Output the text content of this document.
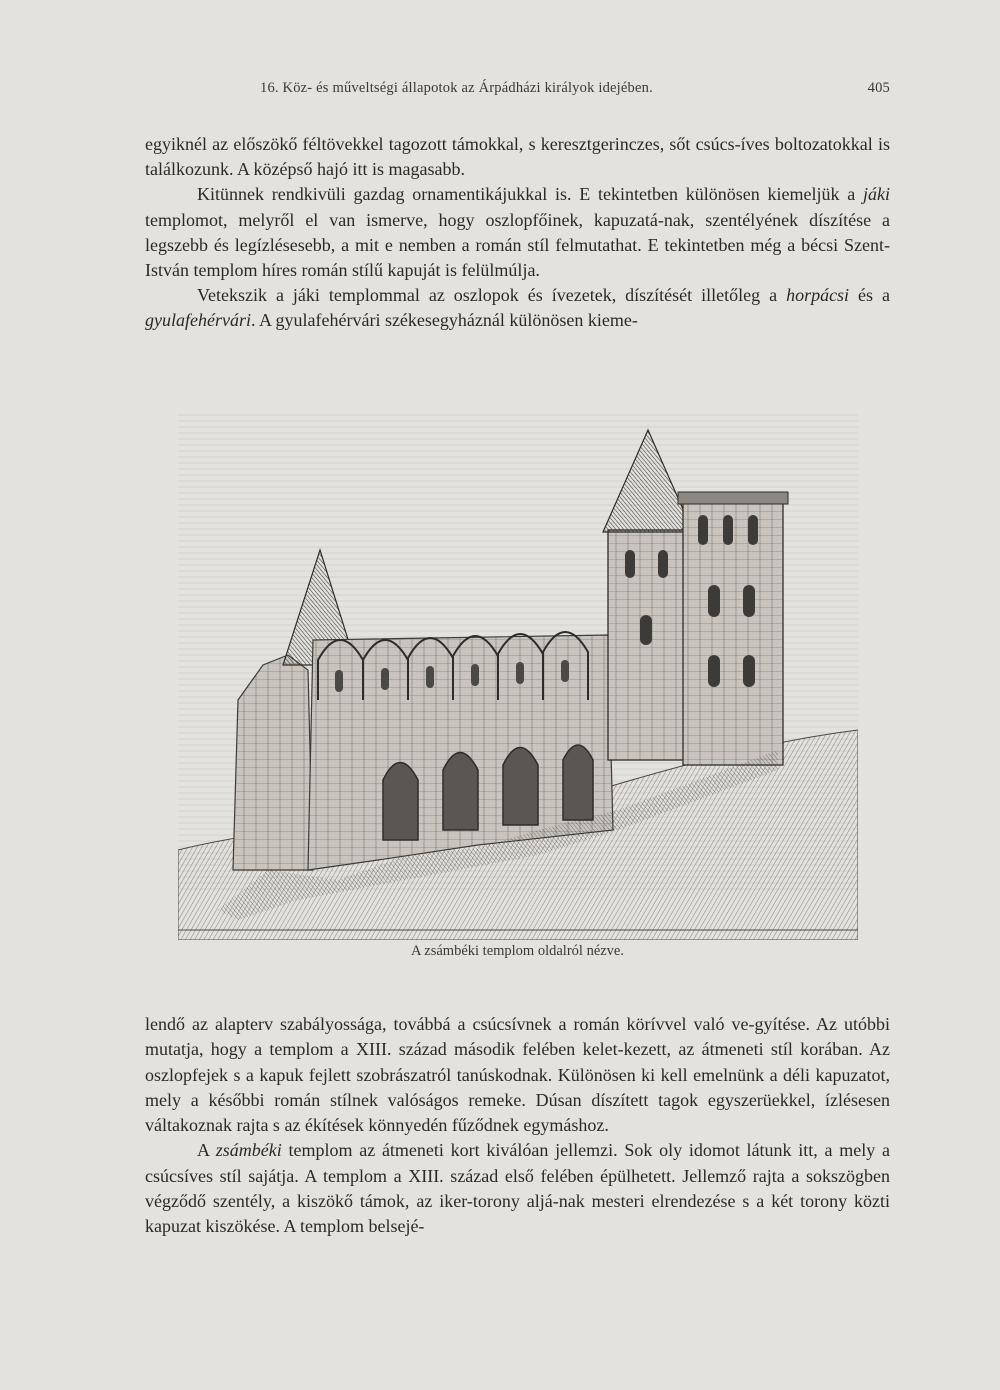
16. Köz- és műveltségi állapotok az Árpádházi királyok idejében.	405

egyiknél az előszökő féltövekkel tagozott támokkal, s keresztgerinczes, sőt csúcs-íves boltozatokkal is találkozunk. A középső hajó itt is magasabb.

Kitünnek rendkivüli gazdag ornamentikájukkal is. E tekintetben különösen kiemeljük a jáki templomot, melyről el van ismerve, hogy oszlopfőinek, kapuzatá-nak, szentélyének díszítése a legszebb és legízlésesebb, a mit e nemben a román stíl felmutathat. E tekintetben még a bécsi Szent-István templom híres román stílű kapuját is felülmúlja.

Vetekszik a jáki templommal az oszlopok és ívezetek, díszítését illetőleg a horpácsi és a gyulafehérvári. A gyulafehérvári székesegyháznál különösen kieme-

A zsámbéki templom oldalról nézve.

lendő az alapterv szabályossága, továbbá a csúcsívnek a román körívvel való ve-gyítése. Az utóbbi mutatja, hogy a templom a XIII. század második felében kelet-kezett, az átmeneti stíl korában. Az oszlopfejek s a kapuk fejlett szobrászatról tanúskodnak. Különösen ki kell emelnünk a déli kapuzatot, mely a későbbi román stílnek valóságos remeke. Dúsan díszített tagok egyszerüekkel, ízlésesen váltakoznak rajta s az ékítések könnyedén fűződnek egymáshoz.

A zsámbéki templom az átmeneti kort kiválóan jellemzi. Sok oly idomot látunk itt, a mely a csúcsíves stíl sajátja. A templom a XIII. század első felében épülhetett. Jellemző rajta a sokszögben végződő szentély, a kiszökő támok, az iker-torony aljá-nak mesteri elrendezése s a két torony közti kapuzat kiszökése. A templom belsejé-
